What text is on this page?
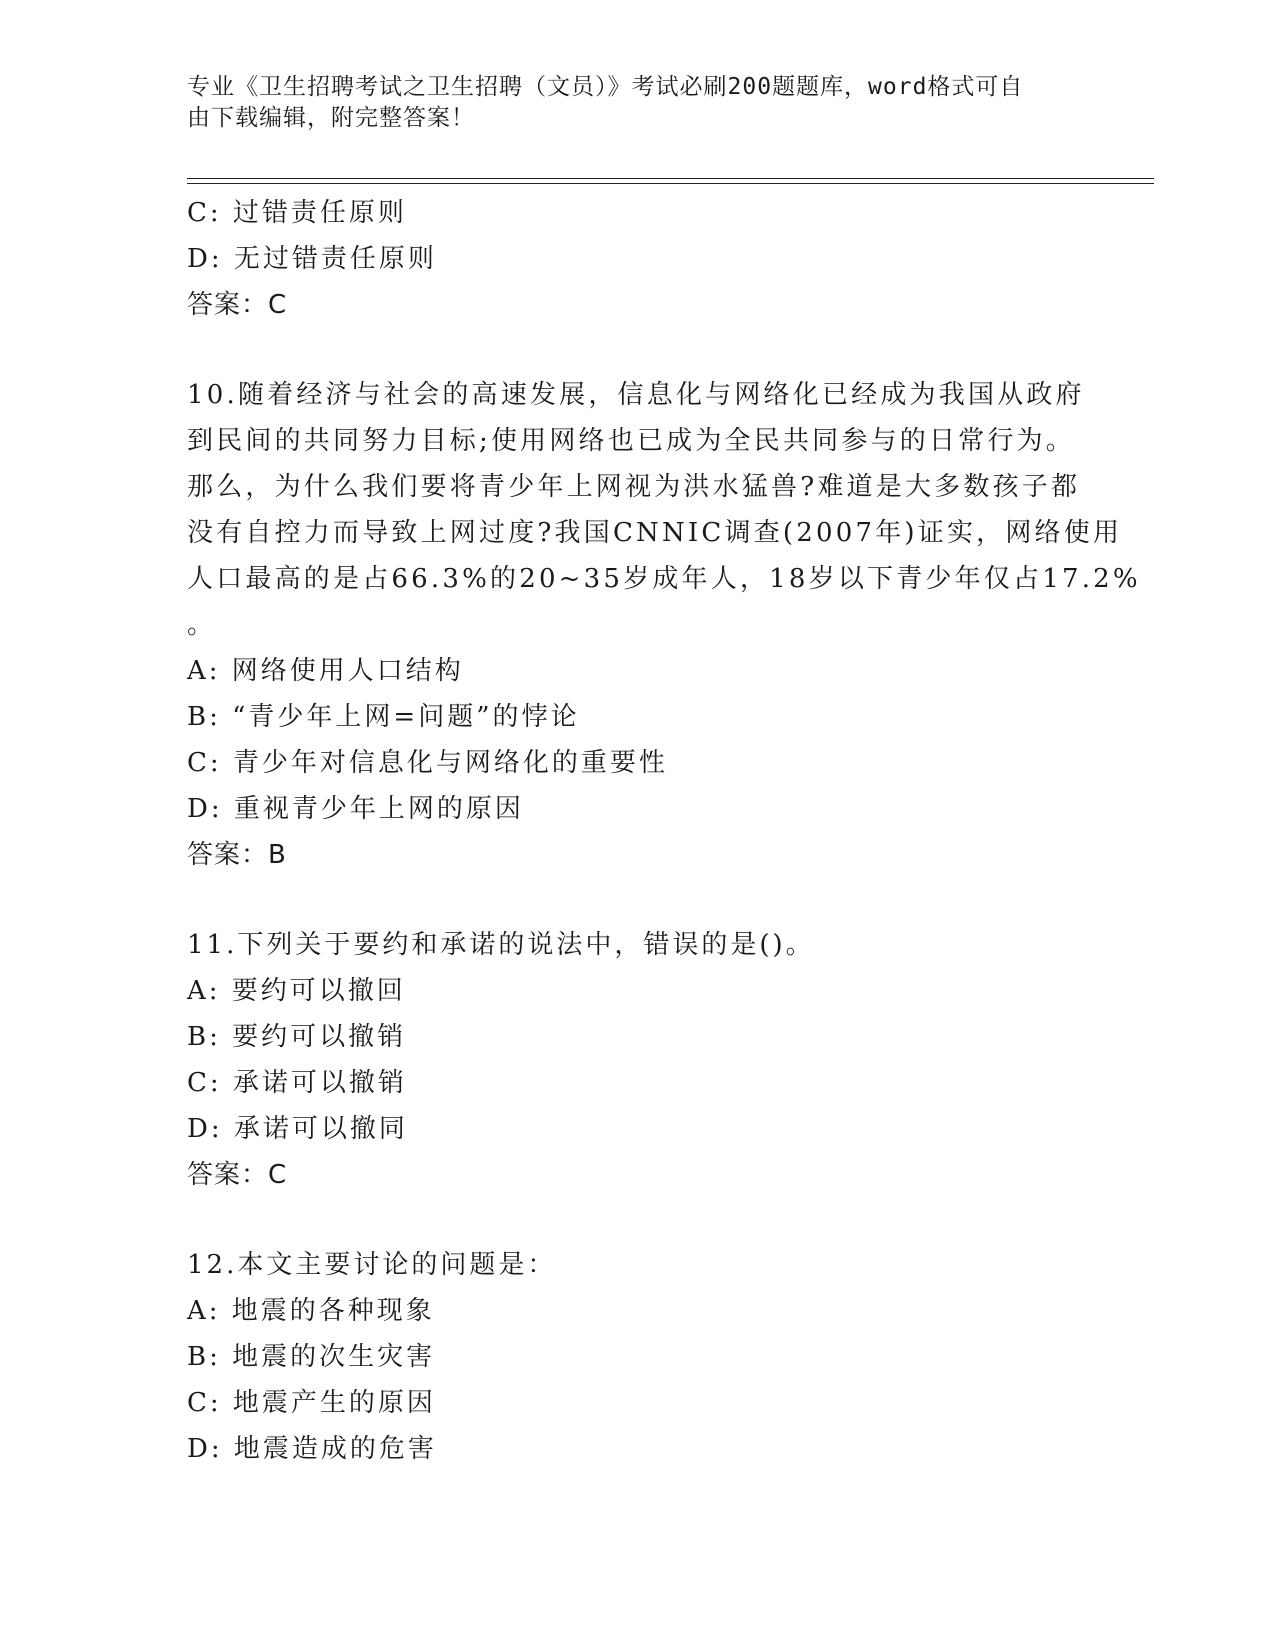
专业《卫生招聘考试之卫生招聘（文员）》考试必刷200题题库，word格式可自
由下载编辑，附完整答案！
C: 过错责任原则
D: 无过错责任原则
答案：C
10.随着经济与社会的高速发展，信息化与网络化已经成为我国从政府
到民间的共同努力目标;使用网络也已成为全民共同参与的日常行为。
那么，为什么我们要将青少年上网视为洪水猛兽?难道是大多数孩子都
没有自控力而导致上网过度?我国CNNIC调查(2007年)证实，网络使用
人口最高的是占66.3%的20~35岁成年人，18岁以下青少年仅占17.2%
。
A: 网络使用人口结构
B: “青少年上网=问题”的悖论
C: 青少年对信息化与网络化的重要性
D: 重视青少年上网的原因
答案：B
11.下列关于要约和承诺的说法中，错误的是()。
A: 要约可以撤回
B: 要约可以撤销
C: 承诺可以撤销
D: 承诺可以撤同
答案：C
12.本文主要讨论的问题是：
A: 地震的各种现象
B: 地震的次生灾害
C: 地震产生的原因
D: 地震造成的危害
